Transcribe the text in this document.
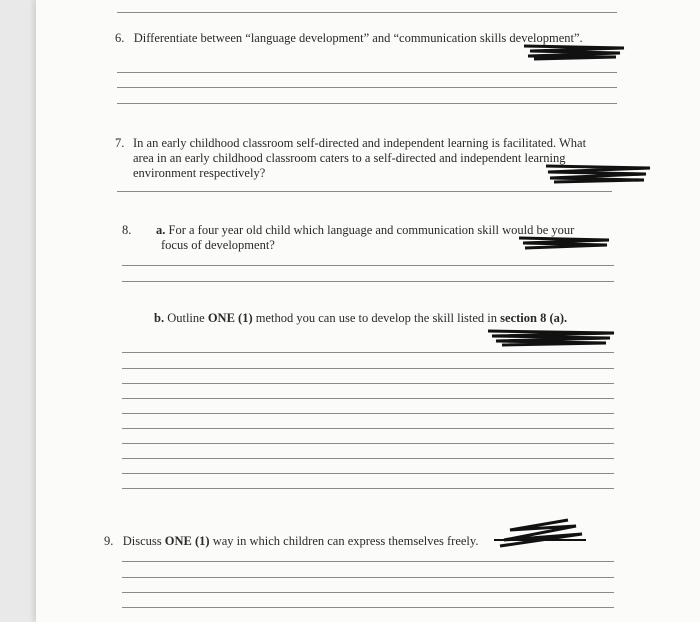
6. Differentiate between “language development” and “communication skills development”.
7. In an early childhood classroom self-directed and independent learning is facilitated. What
area in an early childhood classroom caters to a self-directed and independent learning
environment respectively?
8. a. For a four year old child which language and communication skill would be your
focus of development?
b. Outline ONE (1) method you can use to develop the skill listed in section 8 (a).
9. Discuss ONE (1) way in which children can express themselves freely.
